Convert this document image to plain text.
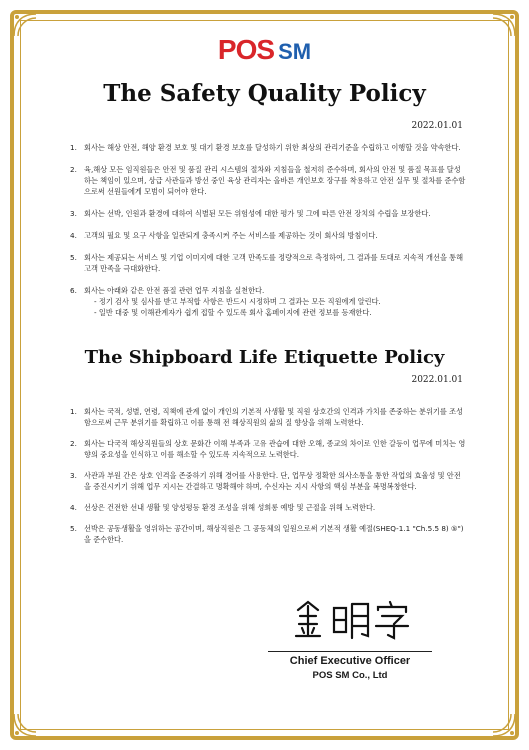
POS SM
The Safety Quality Policy
2022.01.01
1. 회사는 해상 안전, 해양 환경 보호 및 대기 환경 보호를 달성하기 위한 최상의 관리기준을 수립하고 이행할 것을 약속한다.
2. 육,해상 모든 임직원들은 안전 및 품질 관리 시스템의 절차와 지침들을 철저히 준수하며, 회사의 안전 및 품질 목표를 달성하는 책임이 있으며, 상급 사관들과 방선 중인 육상 관리자는 올바른 개인보호 장구를 착용하고 안전 실무 및 절차를 준수함으로써 선원들에게 모범이 되어야 한다.
3. 회사는 선박, 인원과 환경에 대하여 식별된 모든 위험성에 대한 평가 및 그에 따른 안전 장치의 수립을 보장한다.
4. 고객의 필요 및 요구 사항을 일관되게 충족시켜 주는 서비스를 제공하는 것이 회사의 방침이다.
5. 회사는 제공되는 서비스 및 기업 이미지에 대한 고객 만족도를 정량적으로 측정하여, 그 결과를 토대로 지속적 개선을 통해 고객 만족을 극대화한다.
6. 회사는 아래와 같은 안전 품질 관련 업무 지침을 실천한다.
- 정기 검사 및 심사를 받고 부적합 사항은 반드시 시정하며 그 결과는 모든 직원에게 알린다.
- 일반 대중 및 이해관계자가 쉽게 접할 수 있도록 회사 홈페이지에 관련 정보를 등재한다.
The Shipboard Life Etiquette Policy
2022.01.01
1. 회사는 국적, 성별, 연령, 직책에 관계 없이 개인의 기본적 사생활 및 직원 상호간의 인격과 가치를 존중하는 분위기를 조성함으로써 근무 분위기를 확립하고 이를 통해 전 해상직원의 삶의 질 향상을 위해 노력한다.
2. 회사는 다국적 해상직원들의 상호 문화간 이해 부족과 고유 관습에 대한 오해, 종교의 차이로 인한 갈등이 업무에 미치는 영향의 중요성을 인식하고 이를 해소할 수 있도록 지속적으로 노력한다.
3. 사관과 부원 간은 상호 인격을 존중하기 위해 경어를 사용한다. 단, 업무상 정확한 의사소통을 통한 작업의 효율성 및 안전을 증진시키기 위해 업무 지시는 간결하고 명확해야 하며, 수신자는 지시 사항의 핵심 부분을 복명복창한다.
4. 선상은 건전한 선내 생활 및 양성평등 환경 조성을 위해 성희롱 예방 및 근절을 위해 노력한다.
5. 선박은 공동생활을 영위하는 공간이며, 해상직원은 그 공동체의 일원으로써 기본적 생활 예절(SHEQ-1.1 "Ch.5.5 8) ⑤")을 준수한다.
Chief Executive Officer
POS SM Co., Ltd
